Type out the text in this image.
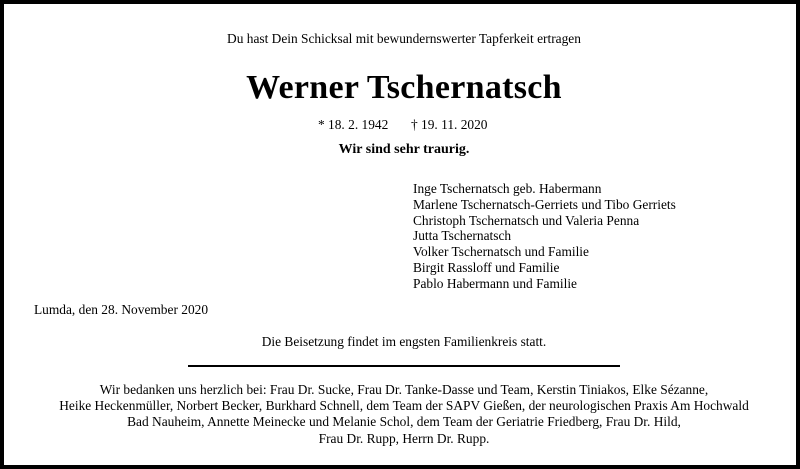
Du hast Dein Schicksal mit bewundernswerter Tapferkeit ertragen
Werner Tschernatsch
* 18. 2. 1942 † 19. 11. 2020
Wir sind sehr traurig.
Inge Tschernatsch geb. Habermann
Marlene Tschernatsch-Gerriets und Tibo Gerriets
Christoph Tschernatsch und Valeria Penna
Jutta Tschernatsch
Volker Tschernatsch und Familie
Birgit Rassloff und Familie
Pablo Habermann und Familie
Lumda, den 28. November 2020
Die Beisetzung findet im engsten Familienkreis statt.
Wir bedanken uns herzlich bei: Frau Dr. Sucke, Frau Dr. Tanke-Dasse und Team, Kerstin Tiniakos, Elke Sézanne,
Heike Heckenmüller, Norbert Becker, Burkhard Schnell, dem Team der SAPV Gießen, der neurologischen Praxis Am Hochwald
Bad Nauheim, Annette Meinecke und Melanie Schol, dem Team der Geriatrie Friedberg, Frau Dr. Hild,
Frau Dr. Rupp, Herrn Dr. Rupp.
